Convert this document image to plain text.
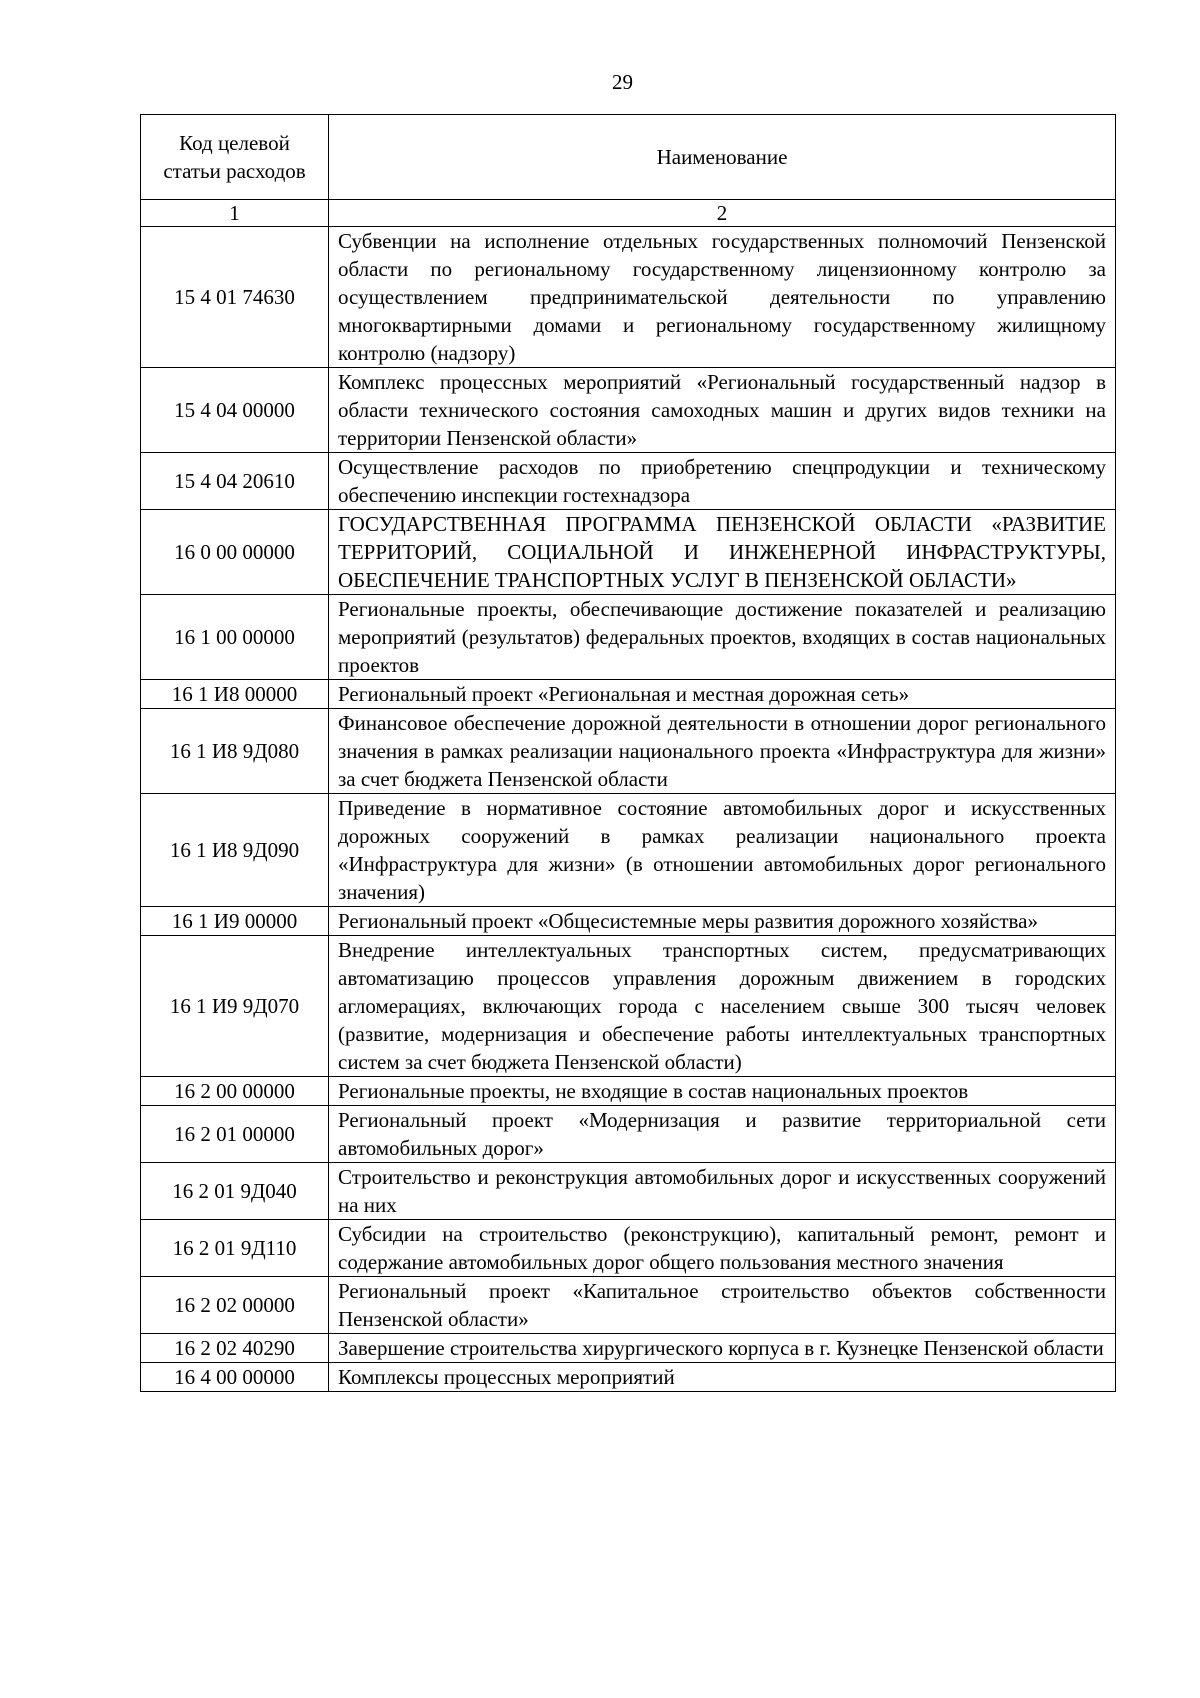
29
Код целевой статьи расходов	Наименование
1	2
15 4 01 74630	Субвенции на исполнение отдельных государственных полномочий Пензенской области по региональному государственному лицензионному контролю за осуществлением предпринимательской деятельности по управлению многоквартирными домами и региональному государственному жилищному контролю (надзору)
15 4 04 00000	Комплекс процессных мероприятий «Региональный государственный надзор в области технического состояния самоходных машин и других видов техники на территории Пензенской области»
15 4 04 20610	Осуществление расходов по приобретению спецпродукции и техническому обеспечению инспекции гостехнадзора
16 0 00 00000	ГОСУДАРСТВЕННАЯ ПРОГРАММА ПЕНЗЕНСКОЙ ОБЛАСТИ «РАЗВИТИЕ ТЕРРИТОРИЙ, СОЦИАЛЬНОЙ И ИНЖЕНЕРНОЙ ИНФРАСТРУКТУРЫ, ОБЕСПЕЧЕНИЕ ТРАНСПОРТНЫХ УСЛУГ В ПЕНЗЕНСКОЙ ОБЛАСТИ»
16 1 00 00000	Региональные проекты, обеспечивающие достижение показателей и реализацию мероприятий (результатов) федеральных проектов, входящих в состав национальных проектов
16 1 И8 00000	Региональный проект «Региональная и местная дорожная сеть»
16 1 И8 9Д080	Финансовое обеспечение дорожной деятельности в отношении дорог регионального значения в рамках реализации национального проекта «Инфраструктура для жизни» за счет бюджета Пензенской области
16 1 И8 9Д090	Приведение в нормативное состояние автомобильных дорог и искусственных дорожных сооружений в рамках реализации национального проекта «Инфраструктура для жизни» (в отношении автомобильных дорог регионального значения)
16 1 И9 00000	Региональный проект «Общесистемные меры развития дорожного хозяйства»
16 1 И9 9Д070	Внедрение интеллектуальных транспортных систем, предусматривающих автоматизацию процессов управления дорожным движением в городских агломерациях, включающих города с населением свыше 300 тысяч человек (развитие, модернизация и обеспечение работы интеллектуальных транспортных систем за счет бюджета Пензенской области)
16 2 00 00000	Региональные проекты, не входящие в состав национальных проектов
16 2 01 00000	Региональный проект «Модернизация и развитие территориальной сети автомобильных дорог»
16 2 01 9Д040	Строительство и реконструкция автомобильных дорог и искусственных сооружений на них
16 2 01 9Д110	Субсидии на строительство (реконструкцию), капитальный ремонт, ремонт и содержание автомобильных дорог общего пользования местного значения
16 2 02 00000	Региональный проект «Капитальное строительство объектов собственности Пензенской области»
16 2 02 40290	Завершение строительства хирургического корпуса в г. Кузнецке Пензенской области
16 4 00 00000	Комплексы процессных мероприятий
